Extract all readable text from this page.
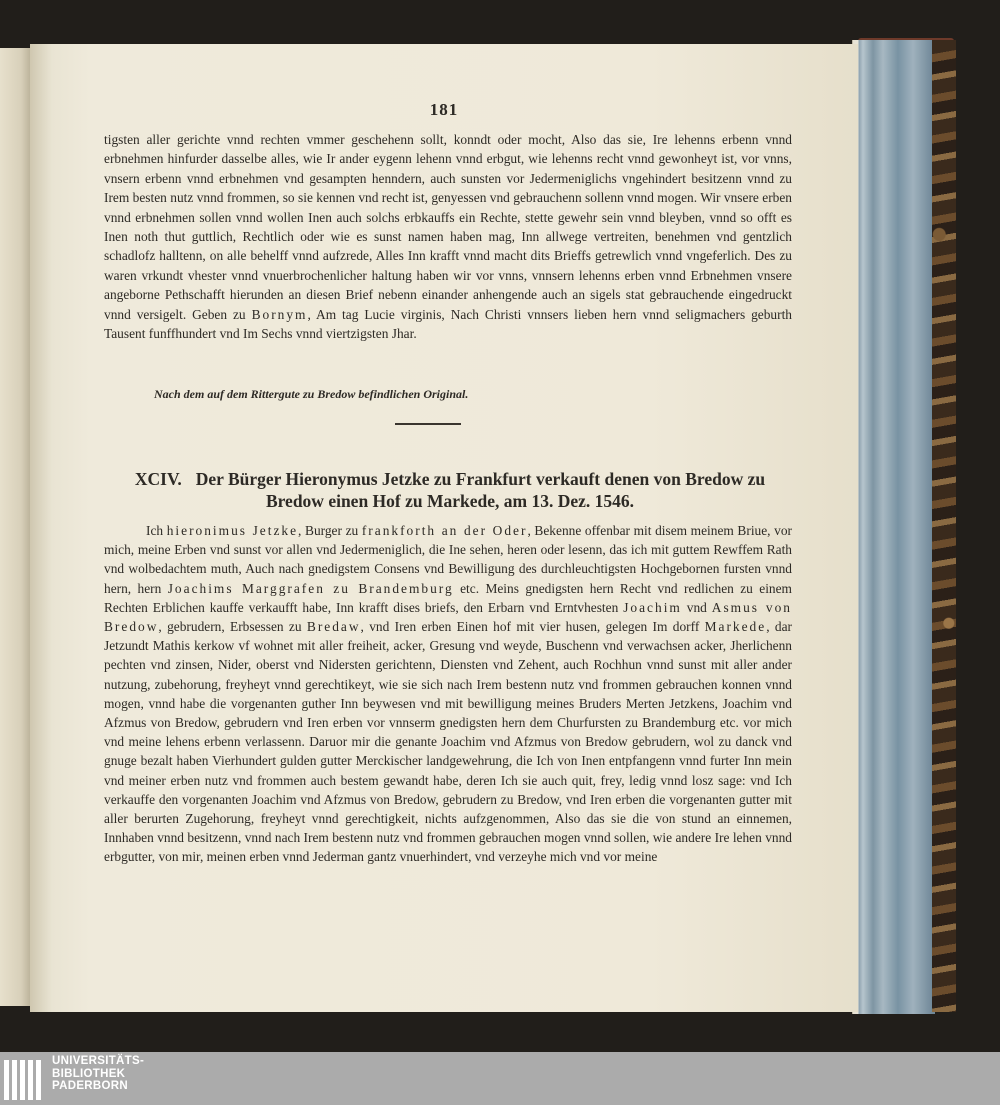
181

tigsten aller gerichte vnnd rechten vmmer geschehenn sollt, konndt oder mocht, Also das sie, Ire lehenns erbenn vnnd erbnehmen hinfurder dasselbe alles, wie Ir ander eygenn lehenn vnnd erbgut, wie lehenns recht vnnd gewonheyt ist, vor vnns, vnsern erbenn vnnd erbnehmen vnd gesampten henndern, auch sunsten vor Jedermeniglichs vngehindert besitzenn vnnd zu Irem besten nutz vnnd frommen, so sie kennen vnd recht ist, genyessen vnd gebrauchenn sollenn vnnd mogen. Wir vnsere erben vnnd erbnehmen sollen vnnd wollen Inen auch solchs erbkauffs ein Rechte, stette gewehr sein vnnd bleyben, vnnd so offt es Inen noth thut guttlich, Rechtlich oder wie es sunst namen haben mag, Inn allwege vertreiten, benehmen vnd gentzlich schadlofz halltenn, on alle behelff vnnd aufzrede, Alles Inn krafft vnnd macht dits Brieffs getrewlich vnnd vngeferlich. Des zu waren vrkundt vhester vnnd vnuerbrochenlicher haltung haben wir vor vnns, vnnsern lehenns erben vnnd Erbnehmen vnsere angeborne Pethschafft hierunden an diesen Brief nebenn einander anhengende auch an sigels stat gebrauchende eingedruckt vnnd versigelt. Geben zu Bornym, Am tag Lucie virginis, Nach Christi vnnsers lieben hern vnnd seligmachers geburth Tausent funffhundert vnd Im Sechs vnnd viertzigsten Jhar.

Nach dem auf dem Rittergute zu Bredow befindlichen Original.
XCIV. Der Bürger Hieronymus Jetzke zu Frankfurt verkauft denen von Bredow zu Bredow einen Hof zu Markede, am 13. Dez. 1546.
Ich hieronimus Jetzke, Burger zu frankforth an der Oder, Bekenne offenbar mit disem meinem Briue, vor mich, meine Erben vnd sunst vor allen vnd Jedermeniglich, die Ine sehen, heren oder lesenn, das ich mit guttem Rewffem Rath vnd wolbedachtem muth, Auch nach gnedigstem Consens vnd Bewilligung des durchleuchtigsten Hochgebornen fursten vnnd hern, hern Joachims Marggrafen zu Brandemburg etc. Meins gnedigsten hern Recht vnd redlichen zu einem Rechten Erblichen kauffe verkaufft habe, Inn krafft dises briefs, den Erbarn vnd Erntvhesten Joachim vnd Asmus von Bredow, gebrudern, Erbsessen zu Bredaw, vnd Iren erben Einen hof mit vier husen, gelegen Im dorff Markede, dar Jetzundt Mathis kerkow vf wohnet mit aller freiheit, acker, Gresung vnd weyde, Buschenn vnd verwachsen acker, Jherlichenn pechten vnd zinsen, Nider, oberst vnd Nidersten gerichtenn, Diensten vnd Zehent, auch Rochhun vnnd sunst mit aller ander nutzung, zubehorung, freyheyt vnnd gerechtikeyt, wie sie sich nach Irem bestenn nutz vnd frommen gebrauchen konnen vnnd mogen, vnnd habe die vorgenanten guther Inn beywesen vnd mit bewilligung meines Bruders Merten Jetzkens, Joachim vnd Afzmus von Bredow, gebrudern vnd Iren erben vor vnnserm gnedigsten hern dem Churfursten zu Brandemburg etc. vor mich vnd meine lehens erbenn verlassenn. Daruor mir die genante Joachim vnd Afzmus von Bredow gebrudern, wol zu danck vnd gnuge bezalt haben Vierhundert gulden gutter Merckischer landgewehrung, die Ich von Inen entpfangenn vnnd furter Inn mein vnd meiner erben nutz vnd frommen auch bestem gewandt habe, deren Ich sie auch quit, frey, ledig vnnd losz sage: vnd Ich verkauffe den vorgenanten Joachim vnd Afzmus von Bredow, gebrudern zu Bredow, vnd Iren erben die vorgenanten gutter mit aller berurten Zugehorung, freyheyt vnnd gerechtigkeit, nichts aufzgenommen, Also das sie die von stund an einnemen, Innhaben vnnd besitzenn, vnnd nach Irem bestenn nutz vnd frommen gebrauchen mogen vnnd sollen, wie andere Ire lehen vnnd erbgutter, von mir, meinen erben vnnd Jederman gantz vnuerhindert, vnd verzeyhe mich vnd vor meine
UNIVERSITÄTS-
BIBLIOTHEK
PADERBORN
